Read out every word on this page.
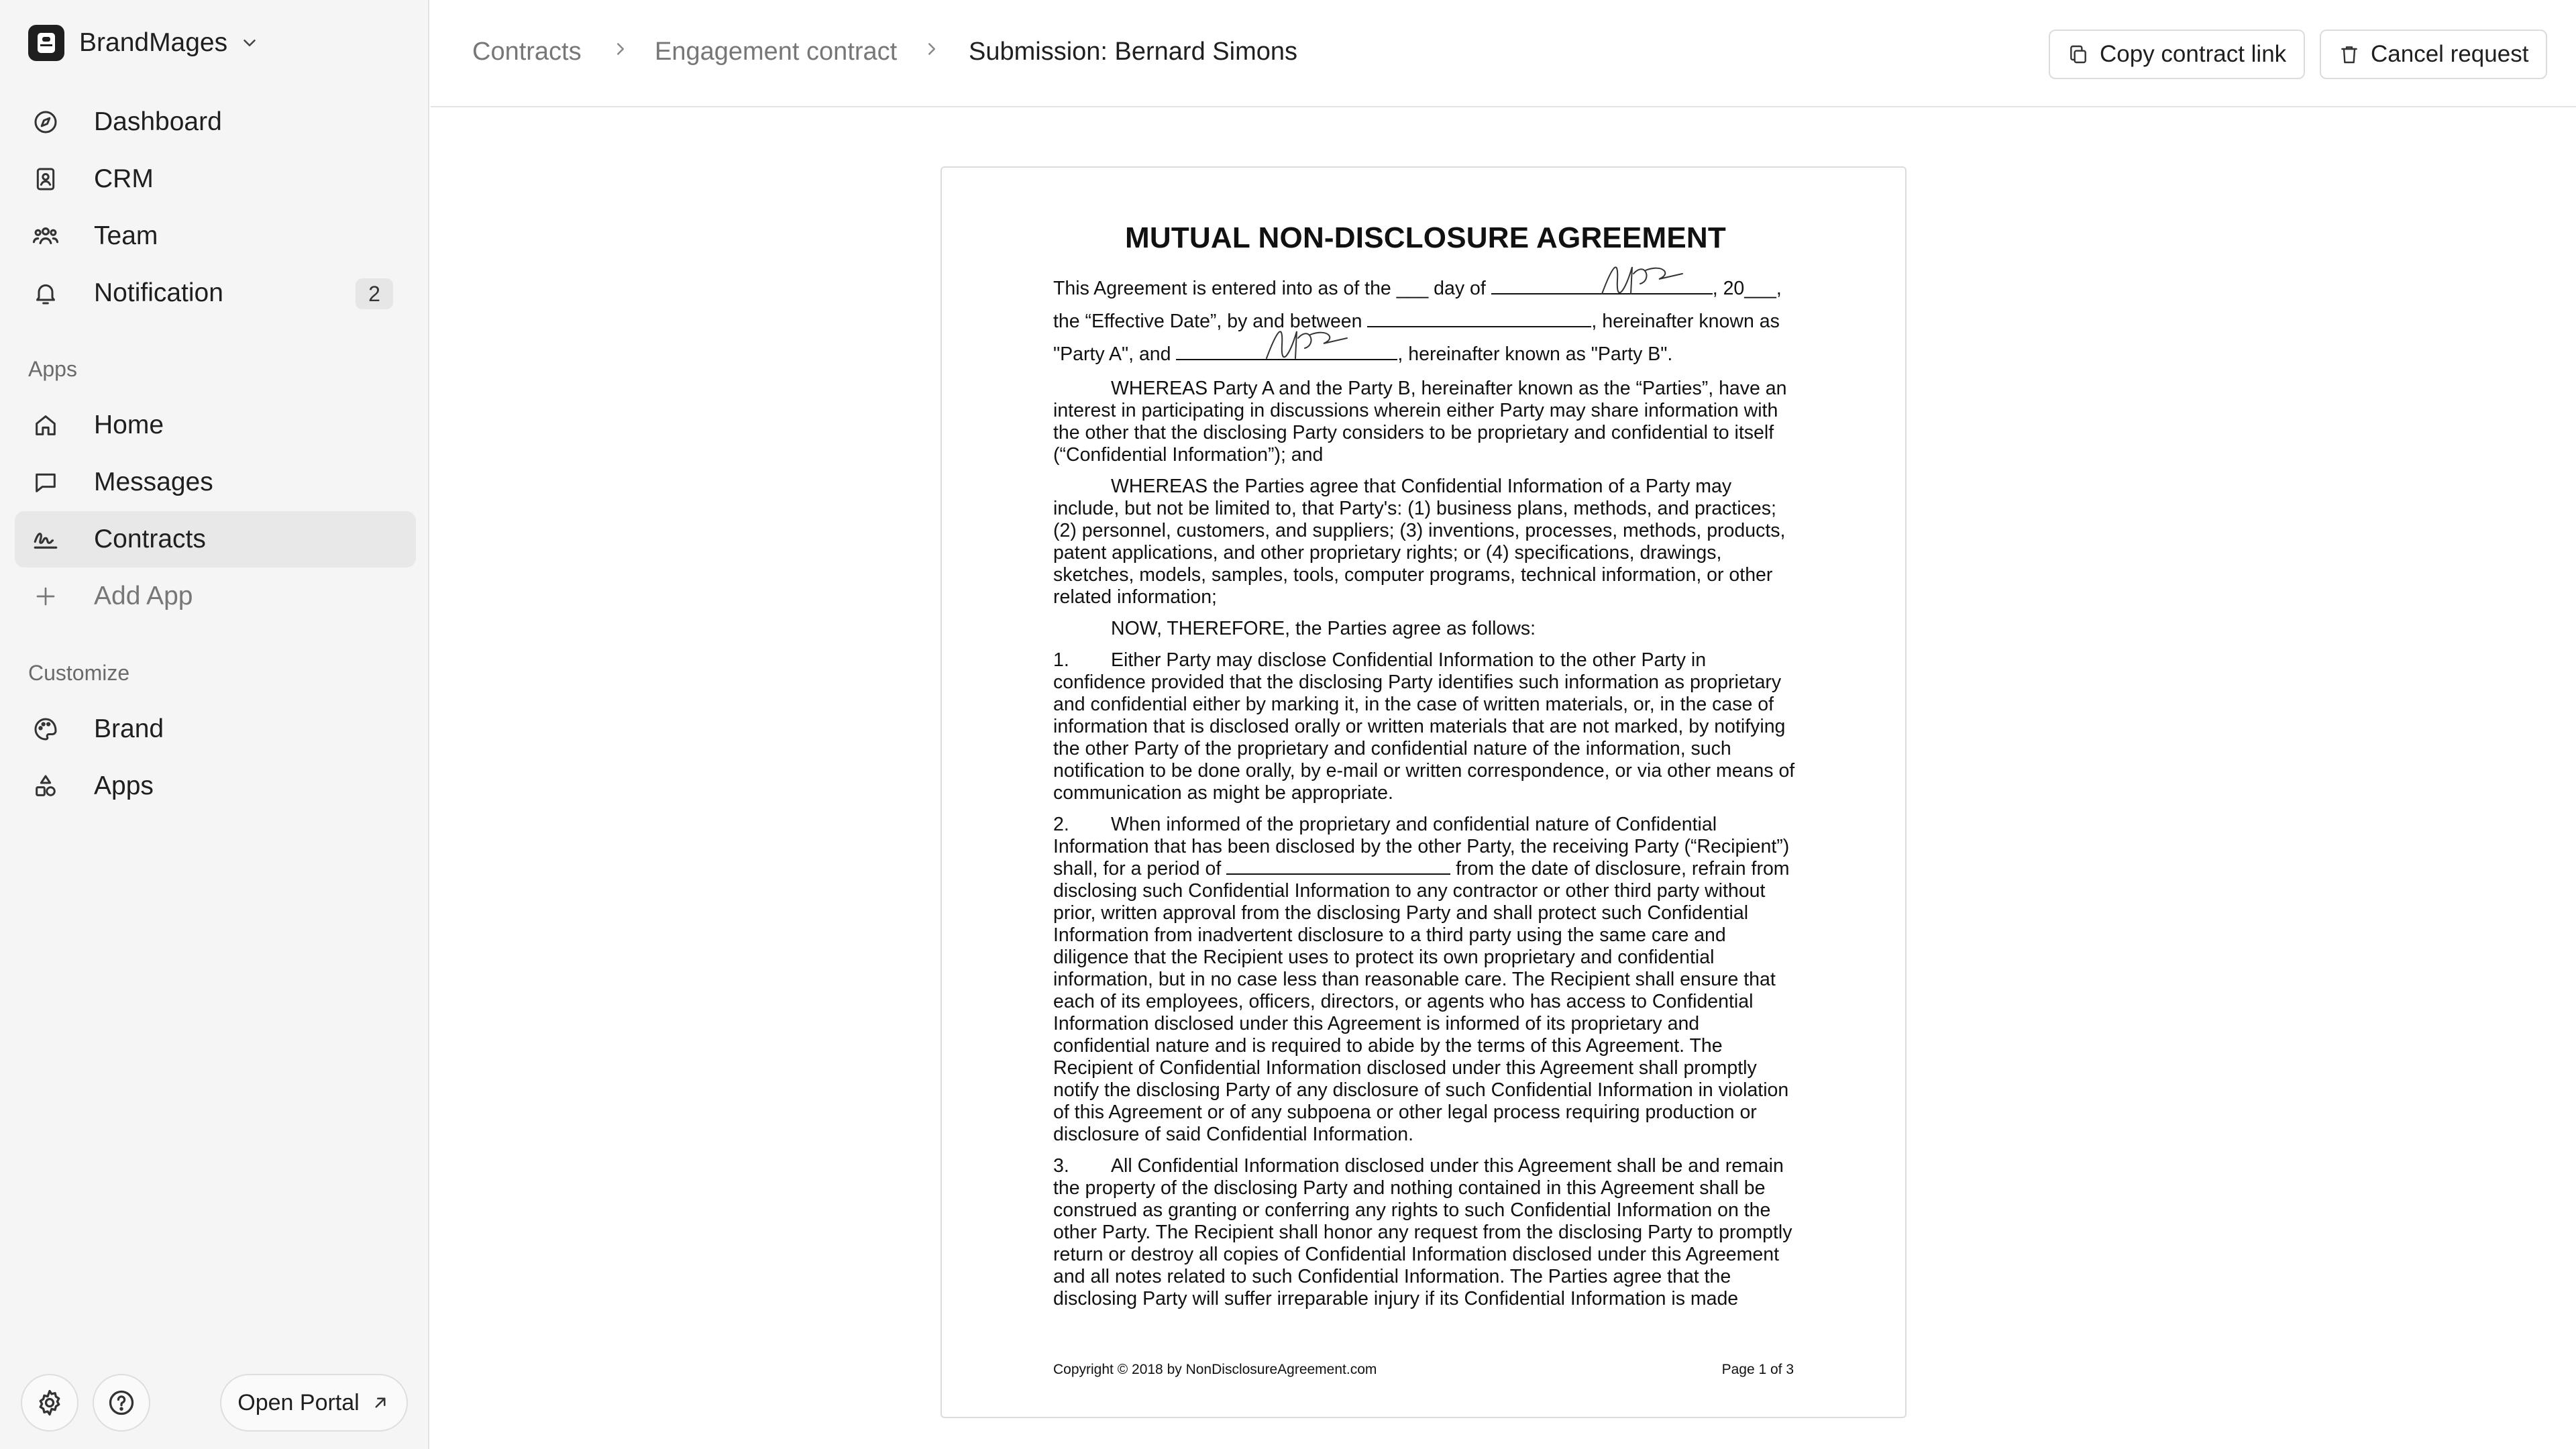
BrandMages
Dashboard
CRM
Team
Notification	2
Apps
Home
Messages
Contracts
Add App
Customize
Brand
Apps
Open Portal
Contracts	Engagement contract	Submission: Bernard Simons	Copy contract link	Cancel request
MUTUAL NON-DISCLOSURE AGREEMENT
This Agreement is entered into as of the ___ day of	, 20___,
the “Effective Date”, by and between	, hereinafter known as
"Party A", and	, hereinafter known as "Party B".

WHEREAS Party A and the Party B, hereinafter known as the “Parties”, have an interest in participating in discussions wherein either Party may share information with the other that the disclosing Party considers to be proprietary and confidential to itself (“Confidential Information”); and

WHEREAS the Parties agree that Confidential Information of a Party may include, but not be limited to, that Party's: (1) business plans, methods, and practices; (2) personnel, customers, and suppliers; (3) inventions, processes, methods, products, patent applications, and other proprietary rights; or (4) specifications, drawings, sketches, models, samples, tools, computer programs, technical information, or other related information;

NOW, THEREFORE, the Parties agree as follows:

1. Either Party may disclose Confidential Information to the other Party in confidence provided that the disclosing Party identifies such information as proprietary and confidential either by marking it, in the case of written materials, or, in the case of information that is disclosed orally or written materials that are not marked, by notifying the other Party of the proprietary and confidential nature of the information, such notification to be done orally, by e-mail or written correspondence, or via other means of communication as might be appropriate.

2. When informed of the proprietary and confidential nature of Confidential Information that has been disclosed by the other Party, the receiving Party (“Recipient”) shall, for a period of	from the date of disclosure, refrain from disclosing such Confidential Information to any contractor or other third party without prior, written approval from the disclosing Party and shall protect such Confidential Information from inadvertent disclosure to a third party using the same care and diligence that the Recipient uses to protect its own proprietary and confidential information, but in no case less than reasonable care. The Recipient shall ensure that each of its employees, officers, directors, or agents who has access to Confidential Information disclosed under this Agreement is informed of its proprietary and confidential nature and is required to abide by the terms of this Agreement. The Recipient of Confidential Information disclosed under this Agreement shall promptly notify the disclosing Party of any disclosure of such Confidential Information in violation of this Agreement or of any subpoena or other legal process requiring production or disclosure of said Confidential Information.

3. All Confidential Information disclosed under this Agreement shall be and remain the property of the disclosing Party and nothing contained in this Agreement shall be construed as granting or conferring any rights to such Confidential Information on the other Party. The Recipient shall honor any request from the disclosing Party to promptly return or destroy all copies of Confidential Information disclosed under this Agreement and all notes related to such Confidential Information. The Parties agree that the disclosing Party will suffer irreparable injury if its Confidential Information is made

Copyright © 2018 by NonDisclosureAgreement.com	Page 1 of 3
